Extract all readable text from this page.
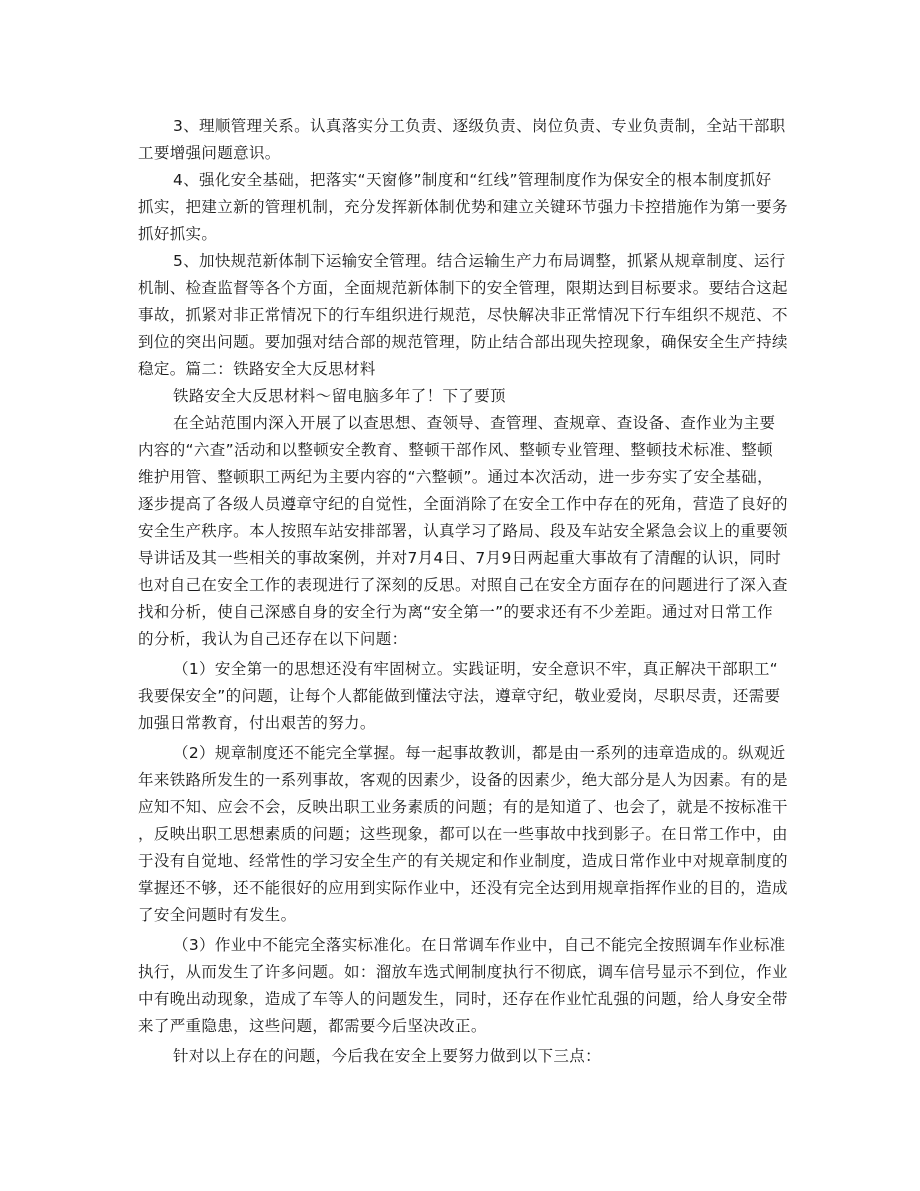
3、理顺管理关系。认真落实分工负责、逐级负责、岗位负责、专业负责制，全站干部职

工要增强问题意识。

4、强化安全基础，把落实“天窗修”制度和“红线”管理制度作为保安全的根本制度抓好

抓实，把建立新的管理机制，充分发挥新体制优势和建立关键环节强力卡控措施作为第一要务

抓好抓实。

5、加快规范新体制下运输安全管理。结合运输生产力布局调整，抓紧从规章制度、运行

机制、检查监督等各个方面，全面规范新体制下的安全管理，限期达到目标要求。要结合这起

事故，抓紧对非正常情况下的行车组织进行规范，尽快解决非正常情况下行车组织不规范、不

到位的突出问题。要加强对结合部的规范管理，防止结合部出现失控现象，确保安全生产持续

稳定。篇二：铁路安全大反思材料

铁路安全大反思材料～留电脑多年了！下了要顶

在全站范围内深入开展了以查思想、查领导、查管理、查规章、查设备、查作业为主要

内容的“六查”活动和以整顿安全教育、整顿干部作风、整顿专业管理、整顿技术标准、整顿

维护用管、整顿职工两纪为主要内容的“六整顿”。通过本次活动，进一步夯实了安全基础，

逐步提高了各级人员遵章守纪的自觉性，全面消除了在安全工作中存在的死角，营造了良好的

安全生产秩序。本人按照车站安排部署，认真学习了路局、段及车站安全紧急会议上的重要领

导讲话及其一些相关的事故案例，并对7月4日、7月9日两起重大事故有了清醒的认识，同时

也对自己在安全工作的表现进行了深刻的反思。对照自己在安全方面存在的问题进行了深入查

找和分析，使自己深感自身的安全行为离“安全第一”的要求还有不少差距。通过对日常工作

的分析，我认为自己还存在以下问题：

（1）安全第一的思想还没有牢固树立。实践证明，安全意识不牢，真正解决干部职工“

我要保安全”的问题，让每个人都能做到懂法守法，遵章守纪，敬业爱岗，尽职尽责，还需要

加强日常教育，付出艰苦的努力。

（2）规章制度还不能完全掌握。每一起事故教训，都是由一系列的违章造成的。纵观近

年来铁路所发生的一系列事故，客观的因素少，设备的因素少，绝大部分是人为因素。有的是

应知不知、应会不会，反映出职工业务素质的问题；有的是知道了、也会了，就是不按标准干

，反映出职工思想素质的问题；这些现象，都可以在一些事故中找到影子。在日常工作中，由

于没有自觉地、经常性的学习安全生产的有关规定和作业制度，造成日常作业中对规章制度的

掌握还不够，还不能很好的应用到实际作业中，还没有完全达到用规章指挥作业的目的，造成

了安全问题时有发生。

（3）作业中不能完全落实标准化。在日常调车作业中，自己不能完全按照调车作业标准

执行，从而发生了许多问题。如：溜放车选式闸制度执行不彻底，调车信号显示不到位，作业

中有晚出动现象，造成了车等人的问题发生，同时，还存在作业忙乱强的问题，给人身安全带

来了严重隐患，这些问题，都需要今后坚决改正。

针对以上存在的问题，今后我在安全上要努力做到以下三点：
